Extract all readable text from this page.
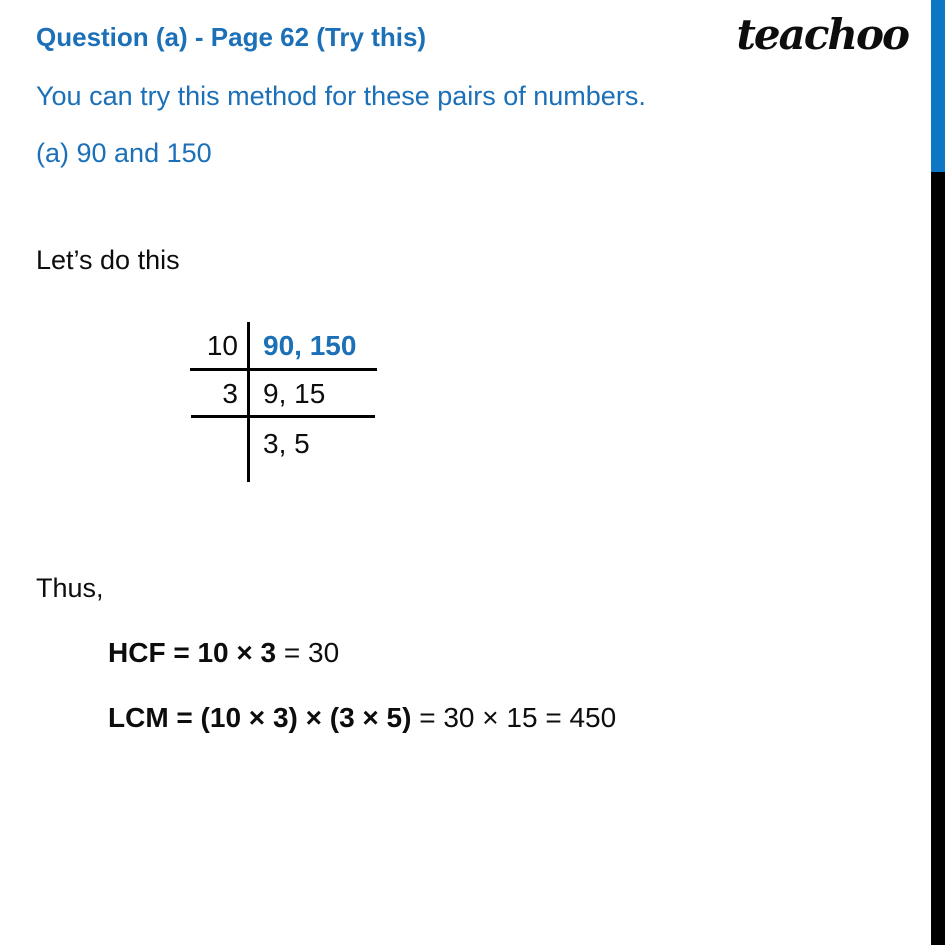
Question (a) - Page 62 (Try this)	teachoo
You can try this method for these pairs of numbers.
(a) 90 and 150
Let’s do this
10 90, 150
3 9, 15
3, 5
Thus,
HCF = 10 × 3 = 30
LCM = (10 × 3) × (3 × 5) = 30 × 15 = 450
